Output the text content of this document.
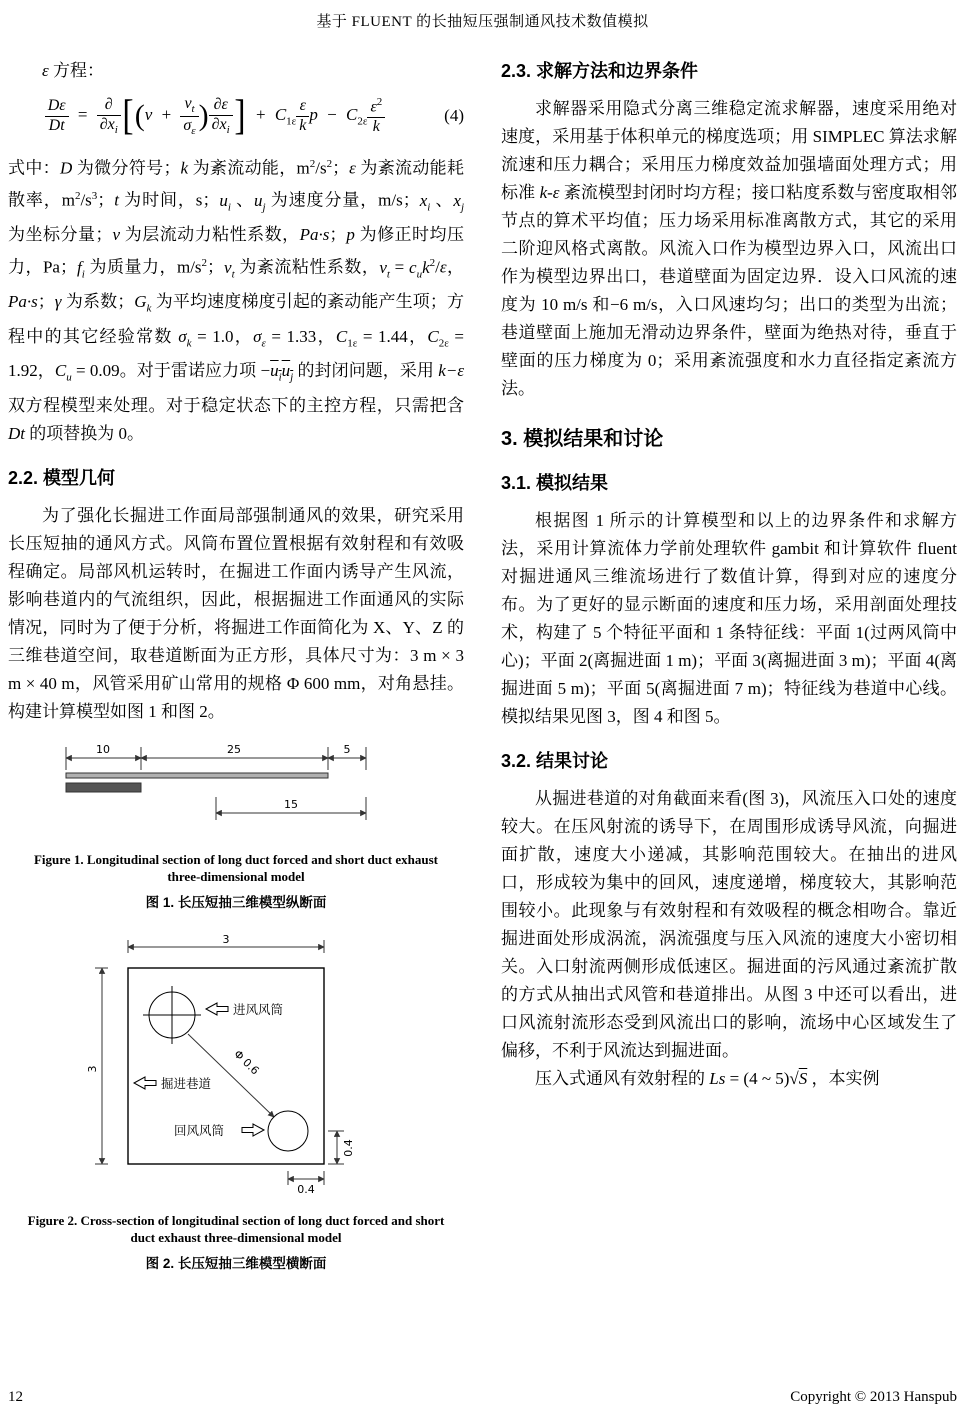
基于 FLUENT 的长抽短压强制通风技术数值模拟

ε 方程：

$\frac{D\varepsilon}{Dt} = \frac{\partial}{\partial x_i} [(v + \frac{v_t}{\sigma_\varepsilon}$ ) $\frac{\partial\varepsilon}{\partial x_i}$ ] + $C_{1\varepsilon} \frac{\varepsilon}{k}$ $p - C_{2\varepsilon} \frac{\varepsilon^2}{k}$	(4)

式中：D 为微分符号；k 为紊流动能，$m^2/s^2$；ε 为紊流动能耗散率，$m^2/s^3$；t 为时间，s；$u_i$ 、$u_j$ 为速度分量，m/s；$x_i$ 、$x_j$ 为坐标分量；ν 为层流动力粘性系数，Pa·s；p 为修正时均压力，Pa；$f_i$ 为质量力，$m/s^2$；$v_t$ 为紊流粘性系数，$v_t = c_uk^2/\varepsilon$，Pa·s；γ 为系数；$G_k$ 为平均速度梯度引起的紊动能产生项；方程中的其它经验常数 $\sigma_k = 1.0$，$\sigma_\varepsilon = 1.33$，$C_{1\varepsilon} = 1.44$，$C_{2\varepsilon} = 1.92$，$C_u = 0.09$。对于雷诺应力项 $-u_iu_j$ 的封闭问题，采用 k−ε 双方程模型来处理。对于稳定状态下的主控方程，只需把含 Dt 的项替换为 0。

2.2. 模型几何

为了强化长掘进工作面局部强制通风的效果，研究采用长压短抽的通风方式。风筒布置位置根据有效射程和有效吸程确定。局部风机运转时，在掘进工作面内诱导产生风流，影响巷道内的气流组织，因此，根据掘进工作面通风的实际情况，同时为了便于分析，将掘进工作面简化为 X、Y、Z 的三维巷道空间，取巷道断面为正方形，具体尺寸为：3 m × 3 m × 40 m，风管采用矿山常用的规格 Φ 600 mm，对角悬挂。构建计算模型如图 1 和图 2。

10	25	5
15
Figure 1. Longitudinal section of long duct forced and short duct exhaust three-dimensional model
图 1. 长压短抽三维模型纵断面
3
3
进风风筒
掘进巷道
Φ 0.6
回风风筒
0.4
0.4
Figure 2. Cross-section of longitudinal section of long duct forced and short duct exhaust three-dimensional model
图 2. 长压短抽三维模型横断面
2.3. 求解方法和边界条件

求解器采用隐式分离三维稳定流求解器，速度采用绝对速度，采用基于体积单元的梯度选项；用 SIMPLEC 算法求解流速和压力耦合；采用压力梯度效益加强墙面处理方式；用标准 k-ε 紊流模型封闭时均方程；接口粘度系数与密度取相邻节点的算术平均值；压力场采用标准离散方式，其它的采用二阶迎风格式离散。风流入口作为模型边界入口，风流出口作为模型边界出口，巷道壁面为固定边界．设入口风流的速度为 10 m/s 和−6 m/s，入口风速均匀；出口的类型为出流；巷道壁面上施加无滑动边界条件，壁面为绝热对待，垂直于壁面的压力梯度为 0；采用紊流强度和水力直径指定紊流方法。

3. 模拟结果和讨论
3.1. 模拟结果

根据图 1 所示的计算模型和以上的边界条件和求解方法，采用计算流体力学前处理软件 gambit 和计算软件 fluent 对掘进通风三维流场进行了数值计算，得到对应的速度分布。为了更好的显示断面的速度和压力场，采用剖面处理技术，构建了 5 个特征平面和 1 条特征线：平面 1(过两风筒中心)；平面 2(离掘进面 1 m)；平面 3(离掘进面 3 m)；平面 4(离掘进面 5 m)；平面 5(离掘进面 7 m)；特征线为巷道中心线。模拟结果见图 3，图 4 和图 5。

3.2. 结果讨论

从掘进巷道的对角截面来看(图 3)，风流压入口处的速度较大。在压风射流的诱导下，在周围形成诱导风流，向掘进面扩散，速度大小递减，其影响范围较大。在抽出的进风口，形成较为集中的回风，速度递增，梯度较大，其影响范围较小。此现象与有效射程和有效吸程的概念相吻合。靠近掘进面处形成涡流，涡流强度与压入风流的速度大小密切相关。入口射流两侧形成低速区。掘进面的污风通过紊流扩散的方式从抽出式风管和巷道排出。从图 3 中还可以看出，进口风流射流形态受到风流出口的影响，流场中心区域发生了偏移，不利于风流达到掘进面。

压入式通风有效射程的 Ls = (4 ~ 5)√S ，本实例

12	Copyright © 2013 Hanspub
